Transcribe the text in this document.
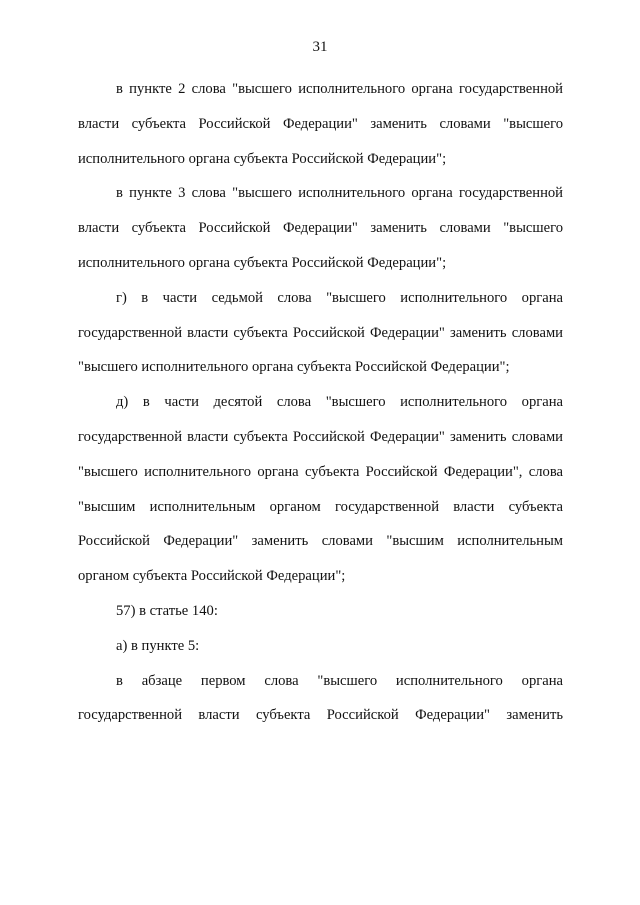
31

в пункте 2 слова "высшего исполнительного органа государственной власти субъекта Российской Федерации" заменить словами "высшего исполнительного органа субъекта Российской Федерации";

в пункте 3 слова "высшего исполнительного органа государственной власти субъекта Российской Федерации" заменить словами "высшего исполнительного органа субъекта Российской Федерации";

г) в части седьмой слова "высшего исполнительного органа государственной власти субъекта Российской Федерации" заменить словами "высшего исполнительного органа субъекта Российской Федерации";

д) в части десятой слова "высшего исполнительного органа государственной власти субъекта Российской Федерации" заменить словами "высшего исполнительного органа субъекта Российской Федерации", слова "высшим исполнительным органом государственной власти субъекта Российской Федерации" заменить словами "высшим исполнительным органом субъекта Российской Федерации";

57) в статье 140:

а) в пункте 5:

в абзаце первом слова "высшего исполнительного органа государственной власти субъекта Российской Федерации" заменить
